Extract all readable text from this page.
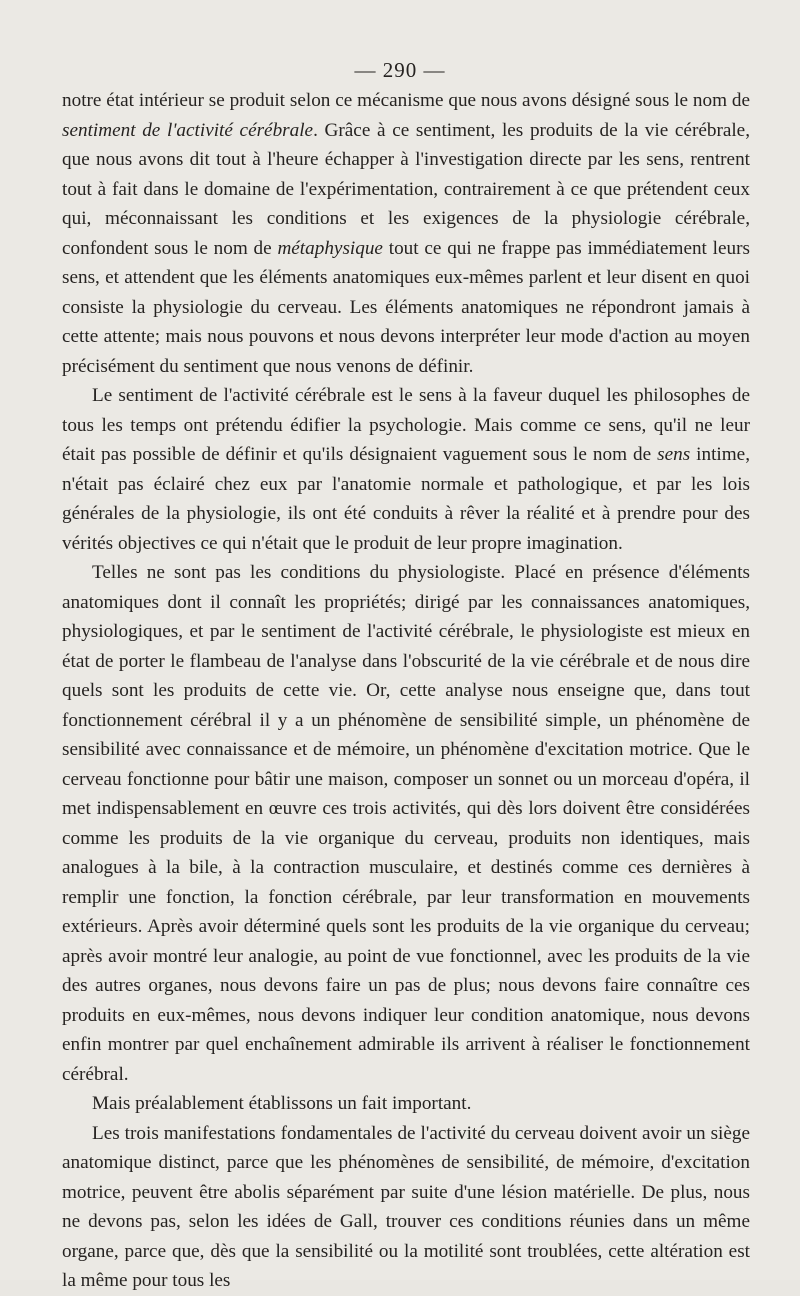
— 290 —

notre état intérieur se produit selon ce mécanisme que nous avons désigné sous le nom de sentiment de l'activité cérébrale. Grâce à ce sentiment, les produits de la vie cérébrale, que nous avons dit tout à l'heure échapper à l'investigation directe par les sens, rentrent tout à fait dans le domaine de l'expérimentation, contrairement à ce que prétendent ceux qui, méconnaissant les conditions et les exigences de la physiologie cérébrale, confondent sous le nom de métaphysique tout ce qui ne frappe pas immédiatement leurs sens, et attendent que les éléments anatomiques eux-mêmes parlent et leur disent en quoi consiste la physiologie du cerveau. Les éléments anatomiques ne répondront jamais à cette attente; mais nous pouvons et nous devons interpréter leur mode d'action au moyen précisément du sentiment que nous venons de définir.

Le sentiment de l'activité cérébrale est le sens à la faveur duquel les philosophes de tous les temps ont prétendu édifier la psychologie. Mais comme ce sens, qu'il ne leur était pas possible de définir et qu'ils désignaient vaguement sous le nom de sens intime, n'était pas éclairé chez eux par l'anatomie normale et pathologique, et par les lois générales de la physiologie, ils ont été conduits à rêver la réalité et à prendre pour des vérités objectives ce qui n'était que le produit de leur propre imagination.

Telles ne sont pas les conditions du physiologiste. Placé en présence d'éléments anatomiques dont il connaît les propriétés; dirigé par les connaissances anatomiques, physiologiques, et par le sentiment de l'activité cérébrale, le physiologiste est mieux en état de porter le flambeau de l'analyse dans l'obscurité de la vie cérébrale et de nous dire quels sont les produits de cette vie. Or, cette analyse nous enseigne que, dans tout fonctionnement cérébral il y a un phénomène de sensibilité simple, un phénomène de sensibilité avec connaissance et de mémoire, un phénomène d'excitation motrice. Que le cerveau fonctionne pour bâtir une maison, composer un sonnet ou un morceau d'opéra, il met indispensablement en œuvre ces trois activités, qui dès lors doivent être considérées comme les produits de la vie organique du cerveau, produits non identiques, mais analogues à la bile, à la contraction musculaire, et destinés comme ces dernières à remplir une fonction, la fonction cérébrale, par leur transformation en mouvements extérieurs. Après avoir déterminé quels sont les produits de la vie organique du cerveau; après avoir montré leur analogie, au point de vue fonctionnel, avec les produits de la vie des autres organes, nous devons faire un pas de plus; nous devons faire connaître ces produits en eux-mêmes, nous devons indiquer leur condition anatomique, nous devons enfin montrer par quel enchaînement admirable ils arrivent à réaliser le fonctionnement cérébral.

Mais préalablement établissons un fait important.

Les trois manifestations fondamentales de l'activité du cerveau doivent avoir un siège anatomique distinct, parce que les phénomènes de sensibilité, de mémoire, d'excitation motrice, peuvent être abolis séparément par suite d'une lésion matérielle. De plus, nous ne devons pas, selon les idées de Gall, trouver ces conditions réunies dans un même organe, parce que, dès que la sensibilité ou la motilité sont troublées, cette altération est la même pour tous les
